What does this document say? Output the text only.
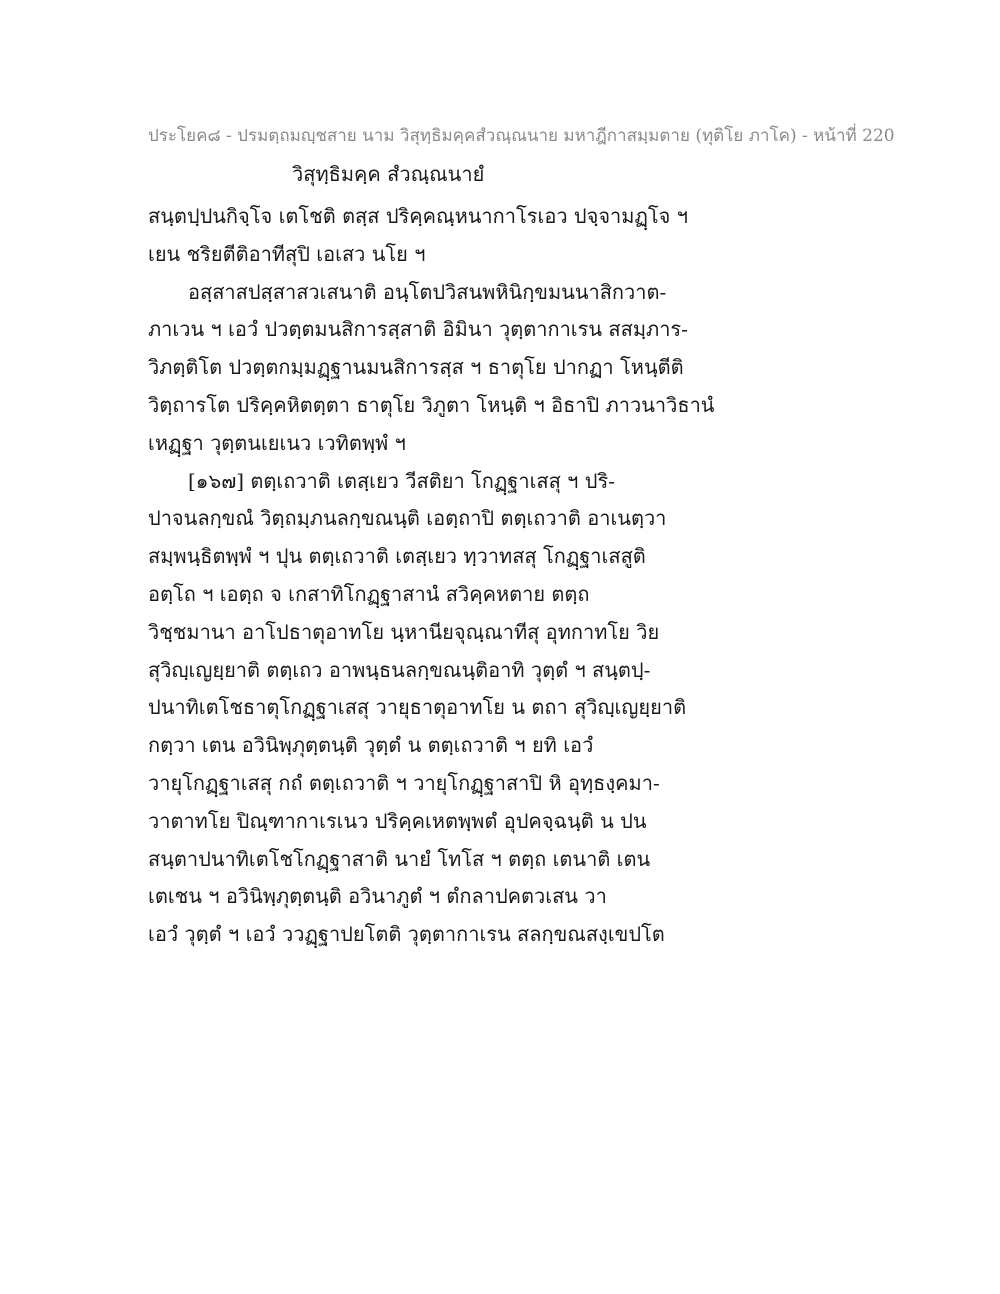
ประโยค๘ - ปรมตฺถมญฺชสาย นาม วิสุทฺธิมคฺคสํวณฺณนาย มหาฎีกาสมฺมตาย (ทุติโย ภาโค) - หน้าที่ 220
วิสุทฺธิมคฺค สํวณฺณนายํ
สนฺตปฺปนกิจฺโจ เตโชติ ตสฺส ปริคฺคณฺหนากาโรเอว ปจฺจามฏฺโจ ฯ
เยน ชริยตีติอาทีสุปิ เอเสว นโย ฯ
อสฺสาสปสฺสาสวเสนาติ อนฺโตปวิสนพหินิกฺขมนนาสิกวาต-
ภาเวน ฯ เอวํ ปวตฺตมนสิการสฺสาติ อิมินา วุตฺตากาเรน สสมฺภาร-
วิภตฺติโต ปวตฺตกมฺมฏฺฐานมนสิการสฺส ฯ ธาตุโย ปากฏา โหนฺตีติ
วิตฺถารโต ปริคฺคหิตตฺตา ธาตุโย วิภูตา โหนฺติ ฯ อิธาปิ ภาวนาวิธานํ
เหฏฺฐา วุตฺตนเยเนว เวทิตพฺพํ ฯ
[๑๖๗] ตตฺเถวาติ เตสฺเยว วีสติยา โกฏฺฐาเสสุ ฯ ปริ-
ปาจนลกฺขณํ วิตฺถมฺภนลกฺขณนฺติ เอตฺถาปิ ตตฺเถวาติ อาเนตฺวา
สมฺพนฺธิตพฺพํ ฯ ปุน ตตฺเถวาติ เตสฺเยว ทฺวาทสสุ โกฏฺฐาเสสูติ
อตฺโถ ฯ เอตฺถ จ เกสาทิโกฏฺฐาสานํ สวิคฺคหตาย ตตฺถ
วิชฺชมานา อาโปธาตุอาทโย นฺหานียจุณฺณาทีสุ อุทกาทโย วิย
สุวิญฺเญยฺยาติ ตตฺเถว อาพนฺธนลกฺขณนฺติอาทิ วุตฺตํ ฯ สนฺตปฺ-
ปนาทิเตโชธาตุโกฏฺฐาเสสุ วายุธาตุอาทโย น ตถา สุวิญฺเญยฺยาติ
กตฺวา เตน อวินิพฺภุตฺตนฺติ วุตฺตํ น ตตฺเถวาติ ฯ ยทิ เอวํ
วายุโกฏฺฐาเสสุ กถํ ตตฺเถวาติ ฯ วายุโกฏฺฐาสาปิ หิ อุทฺธงฺคมา-
วาตาทโย ปิณฺฑากาเรเนว ปริคฺคเหตพฺพตํ อุปคจฺฉนฺติ น ปน
สนฺตาปนาทิเตโชโกฏฺฐาสาติ นายํ โทโส ฯ ตตฺถ เตนาติ เตน
เตเชน ฯ อวินิพฺภุตฺตนฺติ อวินาภูตํ ฯ ตํกลาปคตวเสน วา
เอวํ วุตฺตํ ฯ เอวํ ววฏฺฐาปยโตติ วุตฺตากาเรน สลกฺขณสงฺเขปโต
